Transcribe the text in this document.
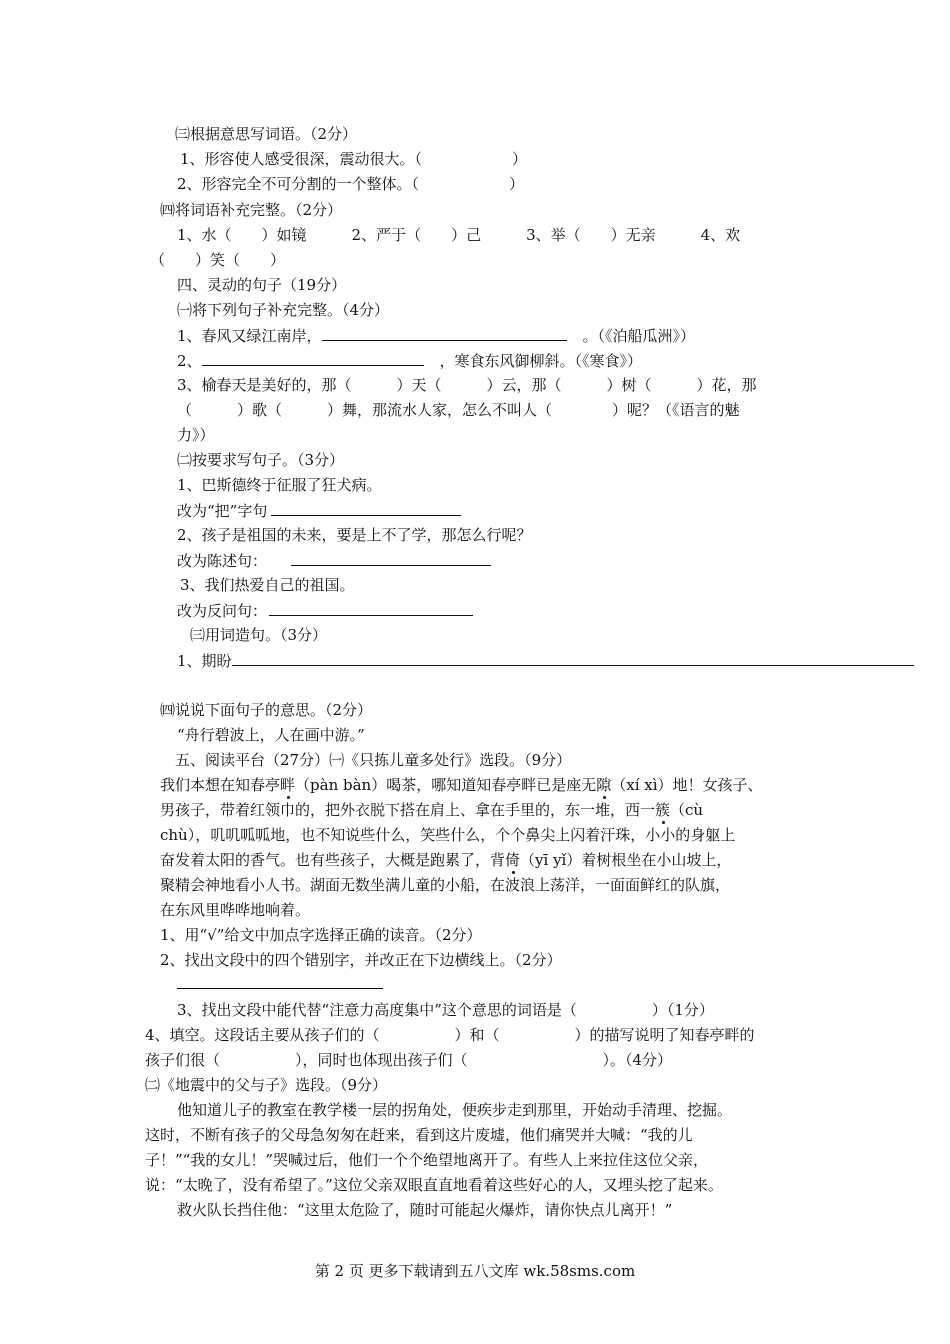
㈢根据意思写词语。（2分）
1、形容使人感受很深，震动很大。（　　　　　　）
2、形容完全不可分割的一个整体。（　　　　　　）
㈣将词语补充完整。（2分）
1、水（　　）如镜　　　2、严于（　　）己　　　3、举（　　）无亲　　　4、欢
（　　）笑（　　）
四、灵动的句子（19分）
㈠将下列句子补充完整。（4分）
1、春风又绿江南岸，	。（《泊船瓜洲》）
2、	，寒食东风御柳斜。（《寒食》）
3、榆春天是美好的，那（　　　）天（　　　）云，那（　　　）树（　　　）花，那
（　　　）歌（　　　）舞，那流水人家，怎么不叫人（　　　　）呢？（《语言的魅
力》）
㈡按要求写句子。（3分）
1、巴斯德终于征服了狂犬病。
改为“把”字句
2、孩子是祖国的未来，要是上不了学，那怎么行呢？
改为陈述句：
3、我们热爱自己的祖国。
改为反问句：
㈢用词造句。（3分）
1、期盼
㈣说说下面句子的意思。（2分）
“舟行碧波上，人在画中游。”
五、阅读平台（27分）㈠《只拣儿童多处行》选段。（9分）
我们本想在知春亭畔（pàn bàn）喝茶，哪知道知春亭畔已是座无隙（xí xì）地！女孩子、
男孩子，带着红领巾的，把外衣脱下搭在肩上、拿在手里的，东一堆，西一簇（cù
chù），叽叽呱呱地，也不知说些什么，笑些什么，个个鼻尖上闪着汗珠，小小的身躯上
奋发着太阳的香气。也有些孩子，大概是跑累了，背倚（yī yǐ）着树根坐在小山坡上，
聚精会神地看小人书。湖面无数坐满儿童的小船，在波浪上荡洋，一面面鲜红的队旗，
在东风里哗哗地响着。
1、用“√”给文中加点字选择正确的读音。（2分）
2、找出文段中的四个错别字，并改正在下边横线上。（2分）
3、找出文段中能代替“注意力高度集中”这个意思的词语是（　　　　　）（1分）
4、填空。这段话主要从孩子们的（　　　　　）和（　　　　　）的描写说明了知春亭畔的
孩子们很（　　　　　），同时也体现出孩子们（　　　　　　　　　）。（4分）
㈡《地震中的父与子》选段。（9分）
他知道儿子的教室在教学楼一层的拐角处，便疾步走到那里，开始动手清理、挖掘。
这时，不断有孩子的父母急匆匆在赶来，看到这片废墟，他们痛哭并大喊：“我的儿
子！”“我的女儿！”哭喊过后，他们一个个绝望地离开了。有些人上来拉住这位父亲，
说：“太晚了，没有希望了。”这位父亲双眼直直地看着这些好心的人，又埋头挖了起来。
救火队长挡住他：“这里太危险了，随时可能起火爆炸，请你快点儿离开！”
第 2 页 更多下载请到五八文库 wk.58sms.com
